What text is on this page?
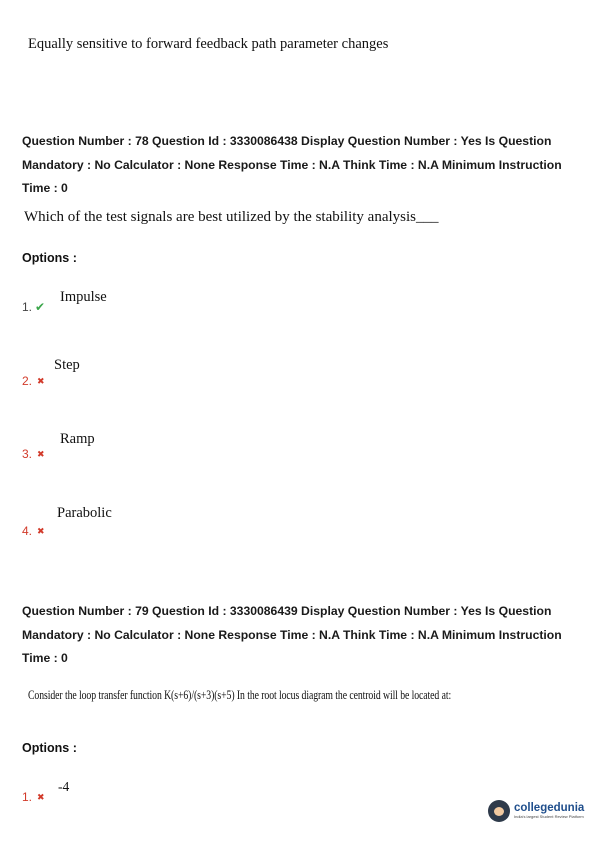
Equally sensitive to forward feedback path parameter changes
Question Number : 78 Question Id : 3330086438 Display Question Number : Yes Is Question
Mandatory : No Calculator : None Response Time : N.A Think Time : N.A Minimum Instruction
Time : 0
Which of the test signals are best utilized by the stability analysis___
Options :
1. ✔
Impulse
2. ✖
Step
3. ✖
Ramp
4. ✖
Parabolic
Question Number : 79 Question Id : 3330086439 Display Question Number : Yes Is Question
Mandatory : No Calculator : None Response Time : N.A Think Time : N.A Minimum Instruction
Time : 0
Consider the loop transfer function K(s+6)/(s+3)(s+5) In the root locus diagram the centroid will be located at:
Options :
1. ✖
-4
collegedunia
India's largest Student Review Platform
